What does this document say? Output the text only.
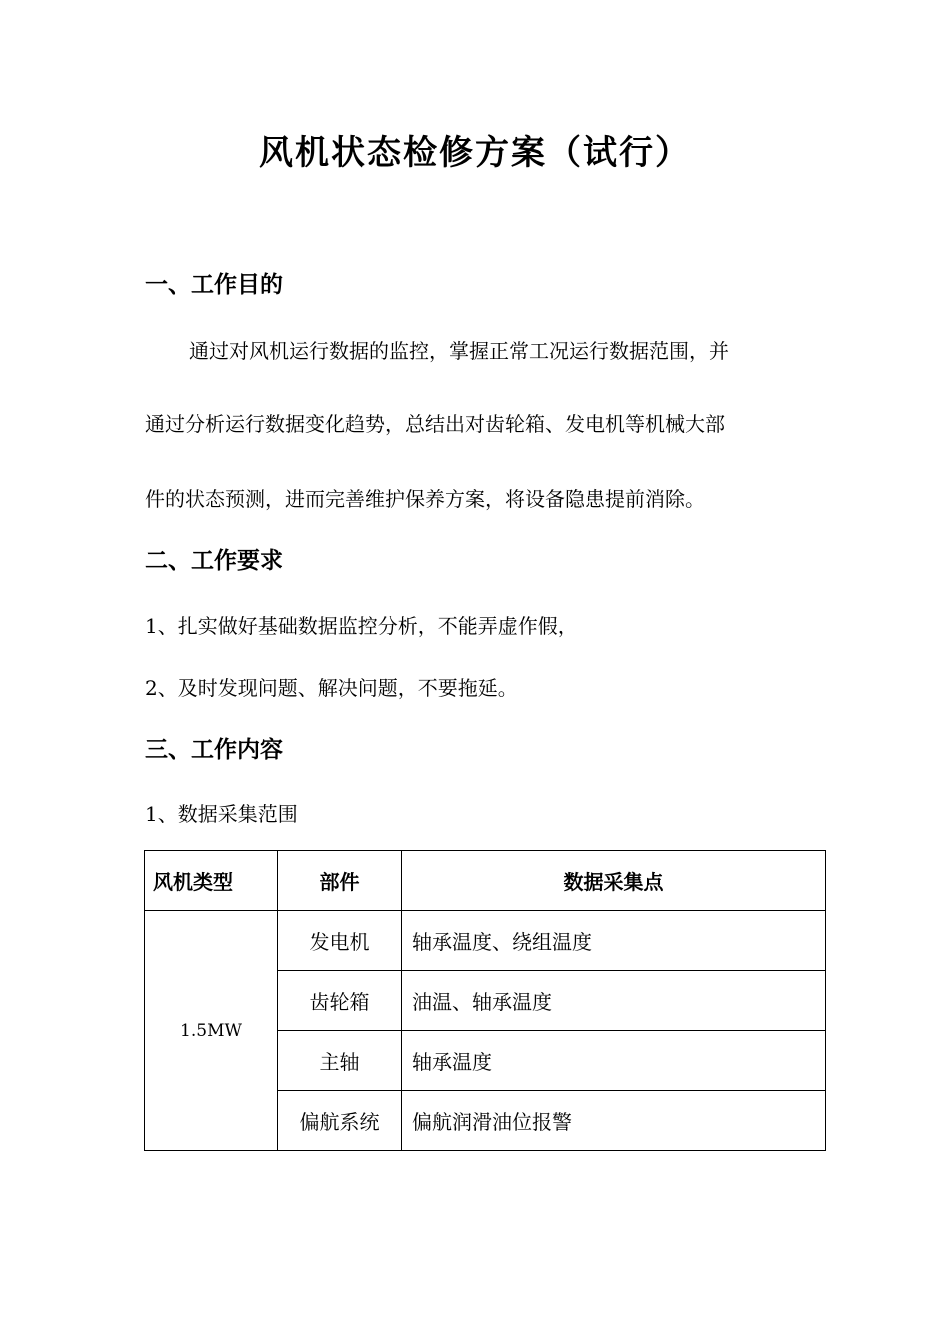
风机状态检修方案（试行）
一、工作目的

通过对风机运行数据的监控，掌握正常工况运行数据范围，并

通过分析运行数据变化趋势，总结出对齿轮箱、发电机等机械大部

件的状态预测，进而完善维护保养方案，将设备隐患提前消除。

二、工作要求

1、扎实做好基础数据监控分析，不能弄虚作假，

2、及时发现问题、解决问题，不要拖延。

三、工作内容

1、数据采集范围

风机类型	部件	数据采集点
1.5MW	发电机	轴承温度、绕组温度
	齿轮箱	油温、轴承温度
	主轴	轴承温度
	偏航系统	偏航润滑油位报警
